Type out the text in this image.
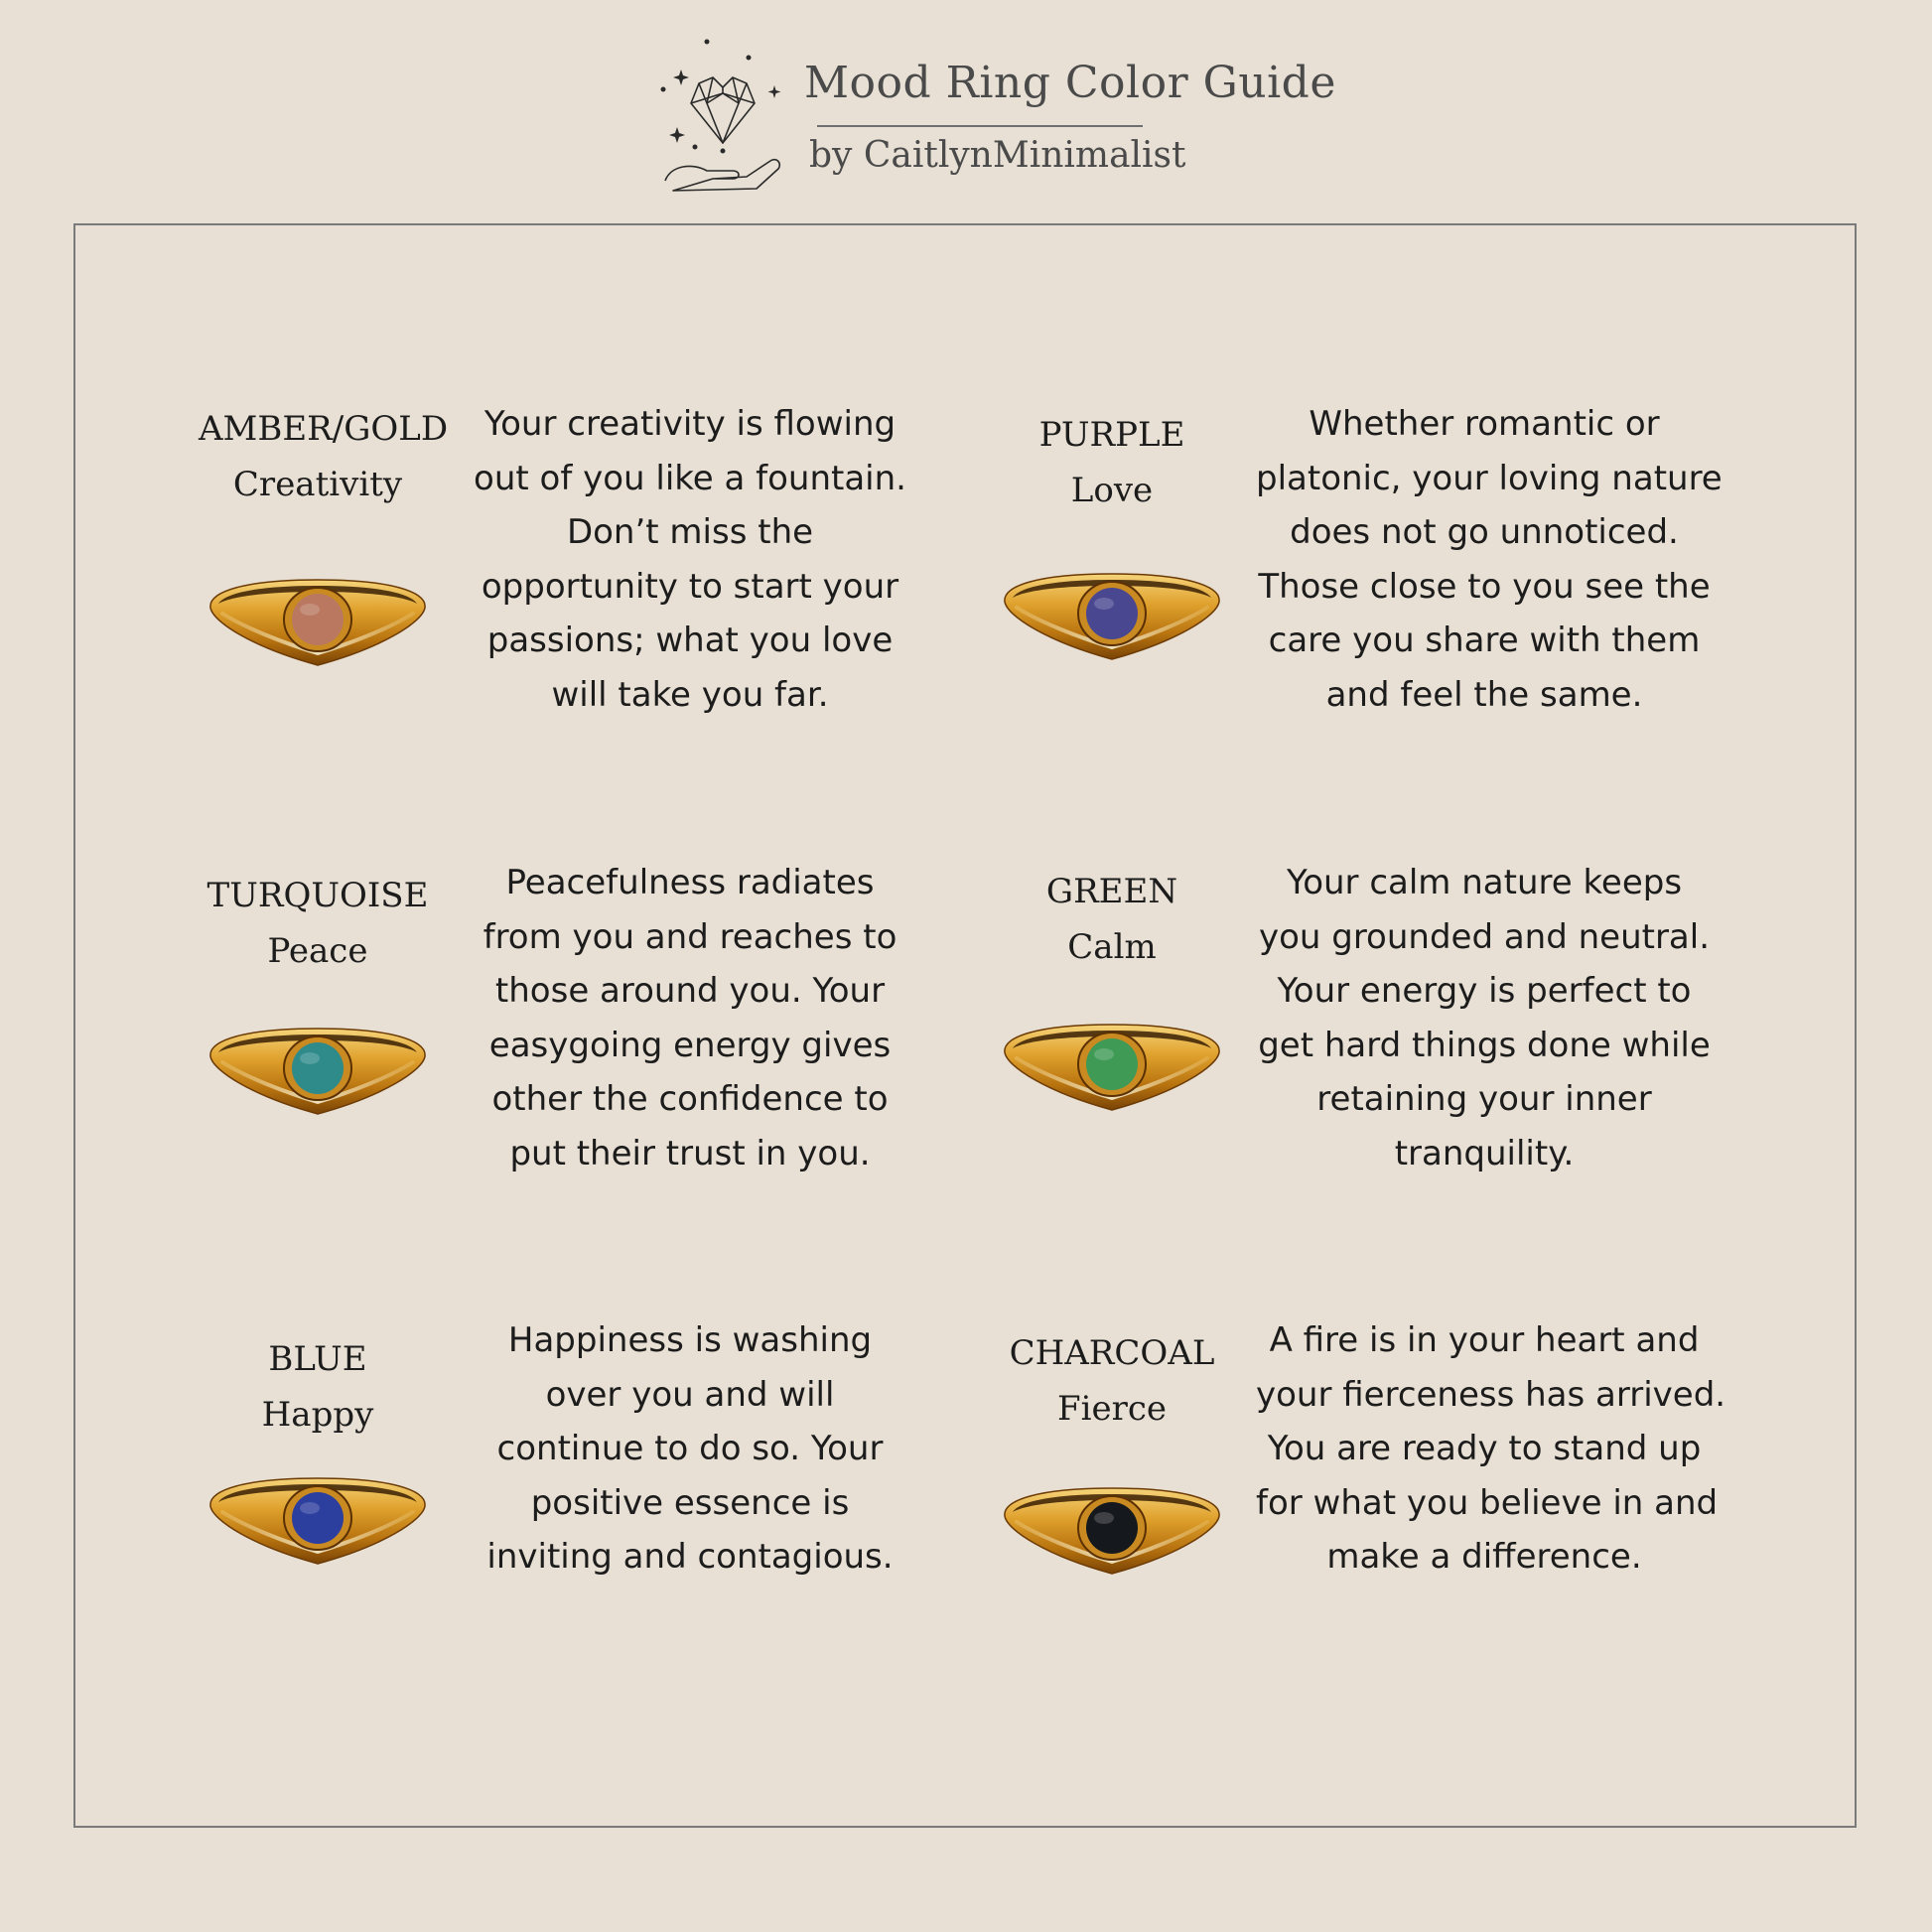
Mood Ring Color Guide
by CaitlynMinimalist
AMBER/GOLD
Creativity
Your creativity is flowing
out of you like a fountain.
Don’t miss the
opportunity to start your
passions; what you love
will take you far.
PURPLE
Love
Whether romantic or
platonic, your loving nature
does not go unnoticed.
Those close to you see the
care you share with them
and feel the same.
TURQUOISE
Peace
Peacefulness radiates
from you and reaches to
those around you. Your
easygoing energy gives
other the confidence to
put their trust in you.
GREEN
Calm
Your calm nature keeps
you grounded and neutral.
Your energy is perfect to
get hard things done while
retaining your inner
tranquility.
BLUE
Happy
Happiness is washing
over you and will
continue to do so. Your
positive essence is
inviting and contagious.
CHARCOAL
Fierce
A fire is in your heart and
your fierceness has arrived.
You are ready to stand up
for what you believe in and
make a difference.
